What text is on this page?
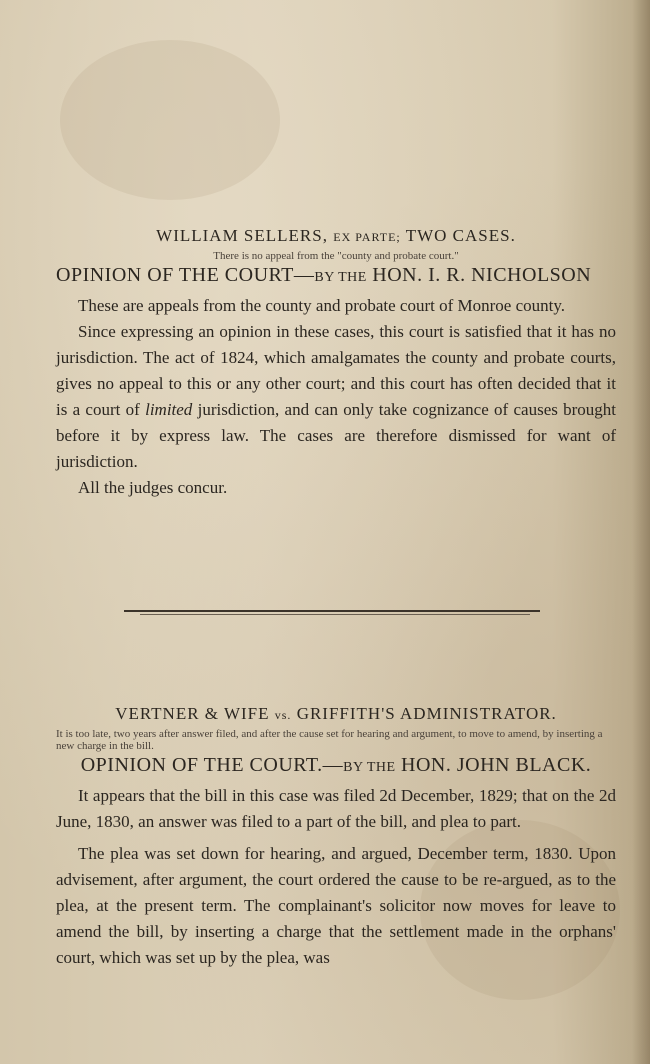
WILLIAM SELLERS, EX PARTE; TWO CASES.
There is no appeal from the "county and probate court."
OPINION OF THE COURT—BY THE HON. I. R. NICHOLSON

These are appeals from the county and probate court of Monroe county.

Since expressing an opinion in these cases, this court is satisfied that it has no jurisdiction. The act of 1824, which amalgamates the county and probate courts, gives no appeal to this or any other court; and this court has often decided that it is a court of limited jurisdiction, and can only take cognizance of causes brought before it by express law. The cases are therefore dismissed for want of jurisdiction.

All the judges concur.

VERTNER & WIFE vs. GRIFFITH'S ADMINISTRATOR.
It is too late, two years after answer filed, and after the cause set for hearing and argument, to move to amend, by inserting a new charge in the bill.
OPINION OF THE COURT.—BY THE HON. JOHN BLACK.

It appears that the bill in this case was filed 2d December, 1829; that on the 2d June, 1830, an answer was filed to a part of the bill, and plea to part.

The plea was set down for hearing, and argued, December term, 1830. Upon advisement, after argument, the court ordered the cause to be re-argued, as to the plea, at the present term. The complainant's solicitor now moves for leave to amend the bill, by inserting a charge that the settlement made in the orphans' court, which was set up by the plea, was
